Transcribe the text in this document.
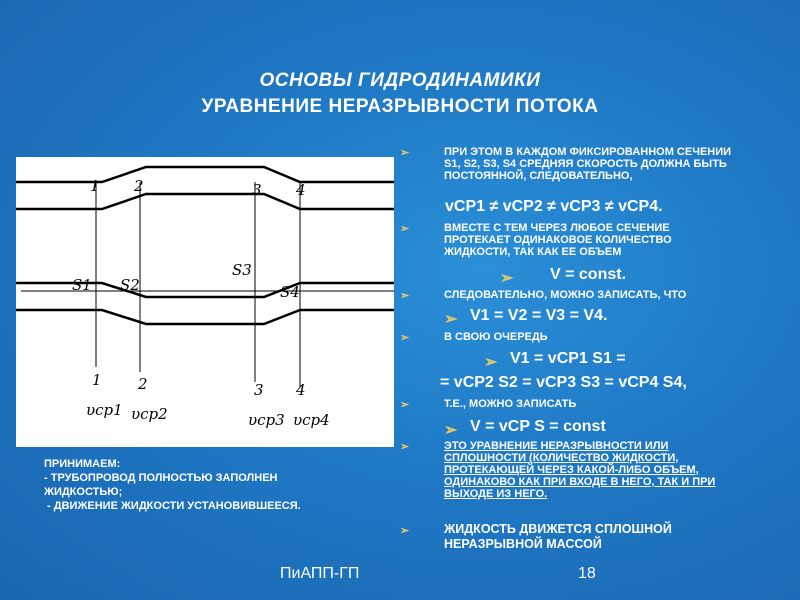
ОСНОВЫ ГИДРОДИНАМИКИ
УРАВНЕНИЕ НЕРАЗРЫВНОСТИ ПОТОКА
1 2	3 4
S1 S2
S3
S4
1 2	3 4
υср1 υср2	υср3 υср4
➢	ПРИ ЭТОМ В КАЖДОМ ФИКСИРОВАННОМ СЕЧЕНИИ S1, S2, S3, S4 СРЕДНЯЯ СКОРОСТЬ ДОЛЖНА БЫТЬ ПОСТОЯННОЙ, СЛЕДОВАТЕЛЬНО,

vCP1 ≠ vCP2 ≠ vCP3 ≠ vCP4.

➢	ВМЕСТЕ С ТЕМ ЧЕРЕЗ ЛЮБОЕ СЕЧЕНИЕ ПРОТЕКАЕТ ОДИНАКОВОЕ КОЛИЧЕСТВО ЖИДКОСТИ, ТАК КАК ЕЕ ОБЪЕМ

➢ V = const.

➢	СЛЕДОВАТЕЛЬНО, МОЖНО ЗАПИСАТЬ, ЧТО

➢ V1 = V2 = V3 = V4.

➢	В СВОЮ ОЧЕРЕДЬ

➢ V1 = vCP1 S1 =

= vCP2 S2 = vCP3 S3 = vCP4 S4,

➢	Т.Е., МОЖНО ЗАПИСАТЬ

➢ V = vCP S = const

➢	ЭТО УРАВНЕНИЕ НЕРАЗРЫВНОСТИ ИЛИ СПЛОШНОСТИ (КОЛИЧЕСТВО ЖИДКОСТИ, ПРОТЕКАЮЩЕЙ ЧЕРЕЗ КАКОЙ-ЛИБО ОБЪЕМ, ОДИНАКОВО КАК ПРИ ВХОДЕ В НЕГО, ТАК И ПРИ ВЫХОДЕ ИЗ НЕГО.

➢	ЖИДКОСТЬ ДВИЖЕТСЯ СПЛОШНОЙ НЕРАЗРЫВНОЙ МАССОЙ

ПРИНИМАЕМ:
- ТРУБОПРОВОД ПОЛНОСТЬЮ ЗАПОЛНЕН
ЖИДКОСТЬЮ;
- ДВИЖЕНИЕ ЖИДКОСТИ УСТАНОВИВШЕЕСЯ.
ПиАПП-ГП	18
